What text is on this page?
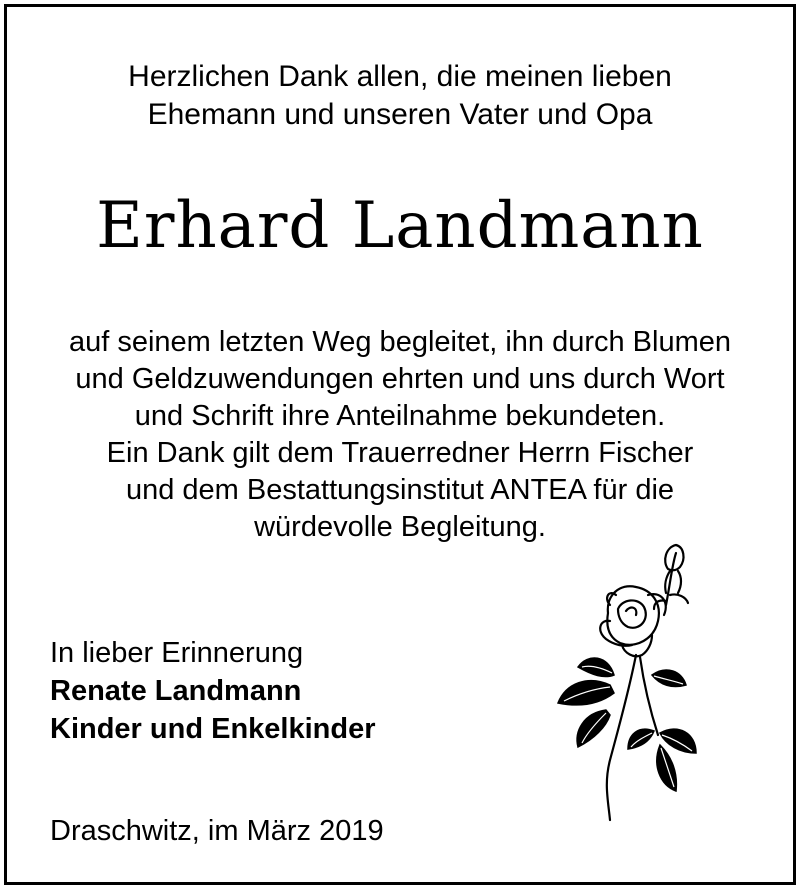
Herzlichen Dank allen, die meinen lieben
Ehemann und unseren Vater und Opa
Erhard Landmann
auf seinem letzten Weg begleitet, ihn durch Blumen
und Geldzuwendungen ehrten und uns durch Wort
und Schrift ihre Anteilnahme bekundeten.
Ein Dank gilt dem Trauerredner Herrn Fischer
und dem Bestattungsinstitut ANTEA für die
würdevolle Begleitung.
In lieber Erinnerung
Renate Landmann
Kinder und Enkelkinder
Draschwitz, im März 2019
